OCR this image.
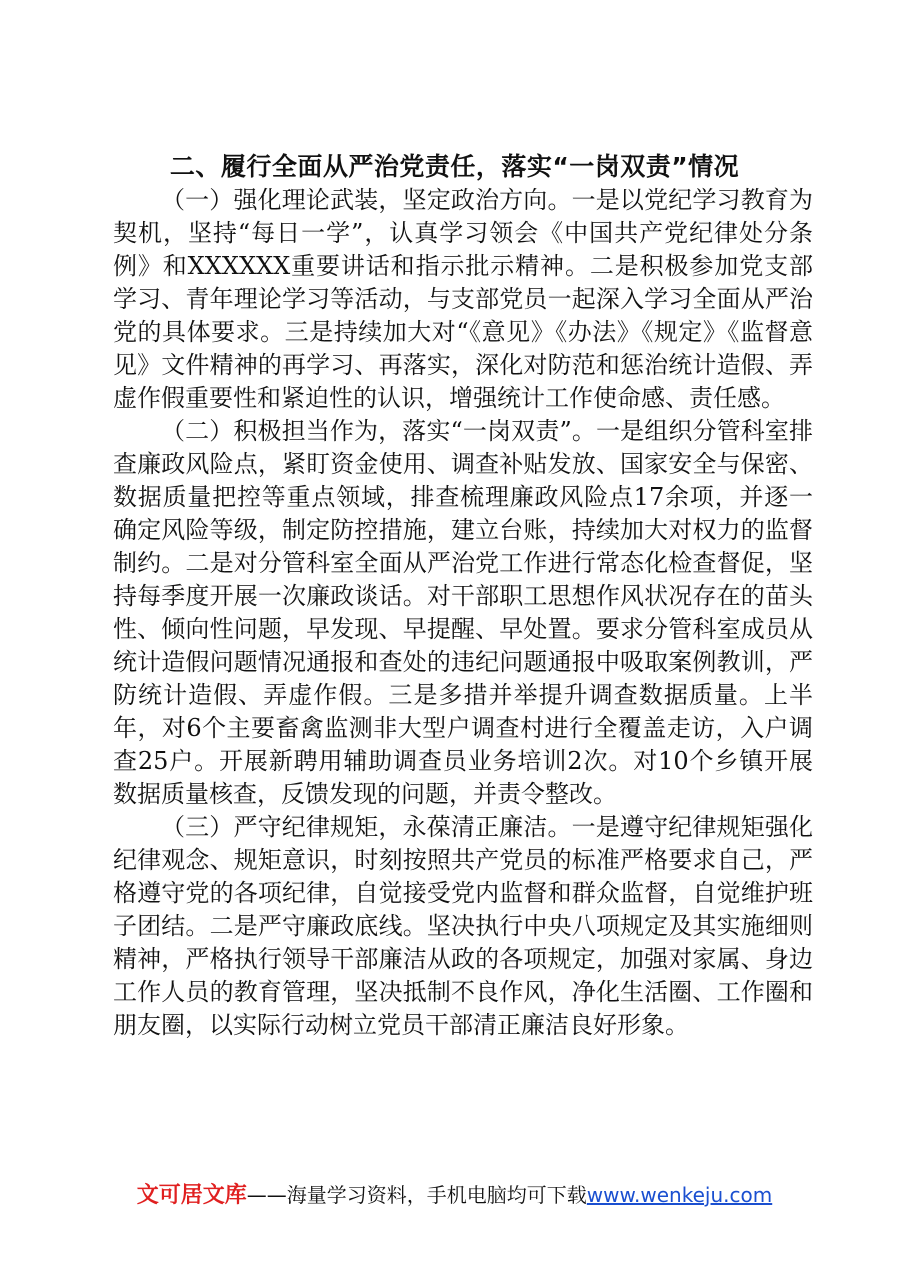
二、履行全面从严治党责任，落实“一岗双责”情况

（一）强化理论武装，坚定政治方向。一是以党纪学习教育为契机，坚持“每日一学”，认真学习领会《中国共产党纪律处分条例》和XXXXXX重要讲话和指示批示精神。二是积极参加党支部学习、青年理论学习等活动，与支部党员一起深入学习全面从严治党的具体要求。三是持续加大对“《意见》《办法》《规定》《监督意见》文件精神的再学习、再落实，深化对防范和惩治统计造假、弄虚作假重要性和紧迫性的认识，增强统计工作使命感、责任感。

（二）积极担当作为，落实“一岗双责”。一是组织分管科室排查廉政风险点，紧盯资金使用、调查补贴发放、国家安全与保密、数据质量把控等重点领域，排查梳理廉政风险点17余项，并逐一确定风险等级，制定防控措施，建立台账，持续加大对权力的监督制约。二是对分管科室全面从严治党工作进行常态化检查督促，坚持每季度开展一次廉政谈话。对干部职工思想作风状况存在的苗头性、倾向性问题，早发现、早提醒、早处置。要求分管科室成员从统计造假问题情况通报和查处的违纪问题通报中吸取案例教训，严防统计造假、弄虚作假。三是多措并举提升调查数据质量。上半年，对6个主要畜禽监测非大型户调查村进行全覆盖走访，入户调查25户。开展新聘用辅助调查员业务培训2次。对10个乡镇开展数据质量核查，反馈发现的问题，并责令整改。

（三）严守纪律规矩，永葆清正廉洁。一是遵守纪律规矩强化纪律观念、规矩意识，时刻按照共产党员的标准严格要求自己，严格遵守党的各项纪律，自觉接受党内监督和群众监督，自觉维护班子团结。二是严守廉政底线。坚决执行中央八项规定及其实施细则精神，严格执行领导干部廉洁从政的各项规定，加强对家属、身边工作人员的教育管理，坚决抵制不良作风，净化生活圈、工作圈和朋友圈，以实际行动树立党员干部清正廉洁良好形象。

文可居文库——海量学习资料，手机电脑均可下载www.wenkeju.com
